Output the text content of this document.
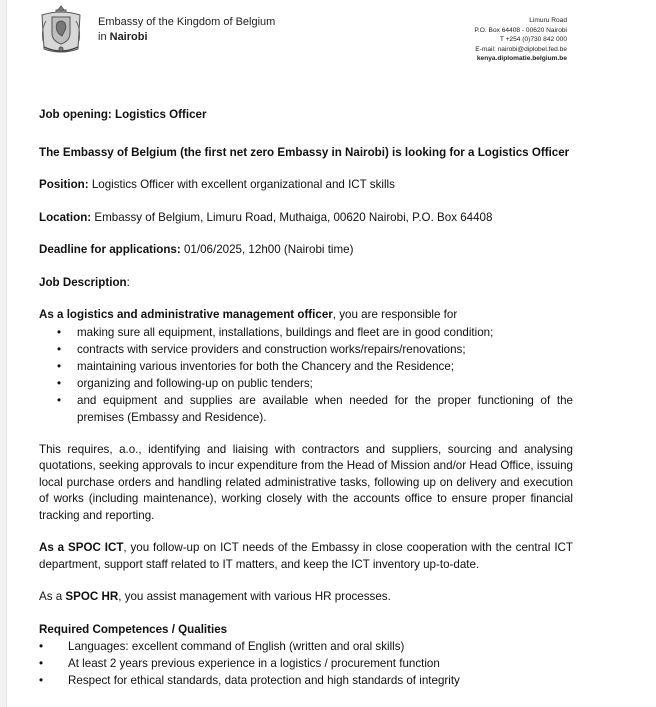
Embassy of the Kingdom of Belgium
in Nairobi
Limuru Road
P.O. Box 64408 - 00620 Nairobi
T +254 (0)730 842 000
E-mail: nairobi@diplobel.fed.be
kenya.diplomatie.belgium.be

Job opening: Logistics Officer

The Embassy of Belgium (the first net zero Embassy in Nairobi) is looking for a Logistics Officer

Position: Logistics Officer with excellent organizational and ICT skills

Location: Embassy of Belgium, Limuru Road, Muthaiga, 00620 Nairobi, P.O. Box 64408

Deadline for applications: 01/06/2025, 12h00 (Nairobi time)

Job Description:

As a logistics and administrative management officer, you are responsible for

• making sure all equipment, installations, buildings and fleet are in good condition;
• contracts with service providers and construction works/repairs/renovations;
• maintaining various inventories for both the Chancery and the Residence;
• organizing and following-up on public tenders;
• and equipment and supplies are available when needed for the proper functioning of the premises (Embassy and Residence).

This requires, a.o., identifying and liaising with contractors and suppliers, sourcing and analysing quotations, seeking approvals to incur expenditure from the Head of Mission and/or Head Office, issuing local purchase orders and handling related administrative tasks, following up on delivery and execution of works (including maintenance), working closely with the accounts office to ensure proper financial tracking and reporting.

As a SPOC ICT, you follow-up on ICT needs of the Embassy in close cooperation with the central ICT department, support staff related to IT matters, and keep the ICT inventory up-to-date.

As a SPOC HR, you assist management with various HR processes.

Required Competences / Qualities

• Languages: excellent command of English (written and oral skills)
• At least 2 years previous experience in a logistics / procurement function
• Respect for ethical standards, data protection and high standards of integrity
